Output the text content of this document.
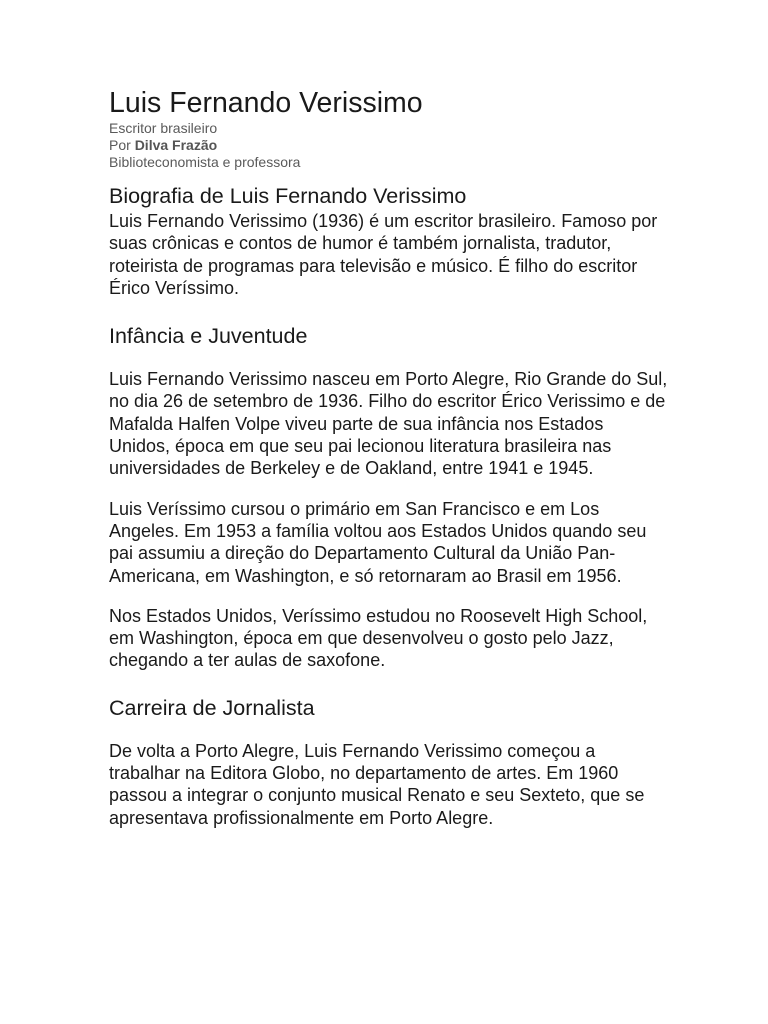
Luis Fernando Verissimo

Escritor brasileiro

Por Dilva Frazão

Biblioteconomista e professora

Biografia de Luis Fernando Verissimo

Luis Fernando Verissimo (1936) é um escritor brasileiro. Famoso por suas crônicas e contos de humor é também jornalista, tradutor, roteirista de programas para televisão e músico. É filho do escritor Érico Veríssimo.

Infância e Juventude

Luis Fernando Verissimo nasceu em Porto Alegre, Rio Grande do Sul, no dia 26 de setembro de 1936. Filho do escritor Érico Verissimo e de Mafalda Halfen Volpe viveu parte de sua infância nos Estados Unidos, época em que seu pai lecionou literatura brasileira nas universidades de Berkeley e de Oakland, entre 1941 e 1945.

Luis Veríssimo cursou o primário em San Francisco e em Los Angeles. Em 1953 a família voltou aos Estados Unidos quando seu pai assumiu a direção do Departamento Cultural da União Pan-Americana, em Washington, e só retornaram ao Brasil em 1956.

Nos Estados Unidos, Veríssimo estudou no Roosevelt High School, em Washington, época em que desenvolveu o gosto pelo Jazz, chegando a ter aulas de saxofone.

Carreira de Jornalista

De volta a Porto Alegre, Luis Fernando Verissimo começou a trabalhar na Editora Globo, no departamento de artes. Em 1960 passou a integrar o conjunto musical Renato e seu Sexteto, que se apresentava profissionalmente em Porto Alegre.
